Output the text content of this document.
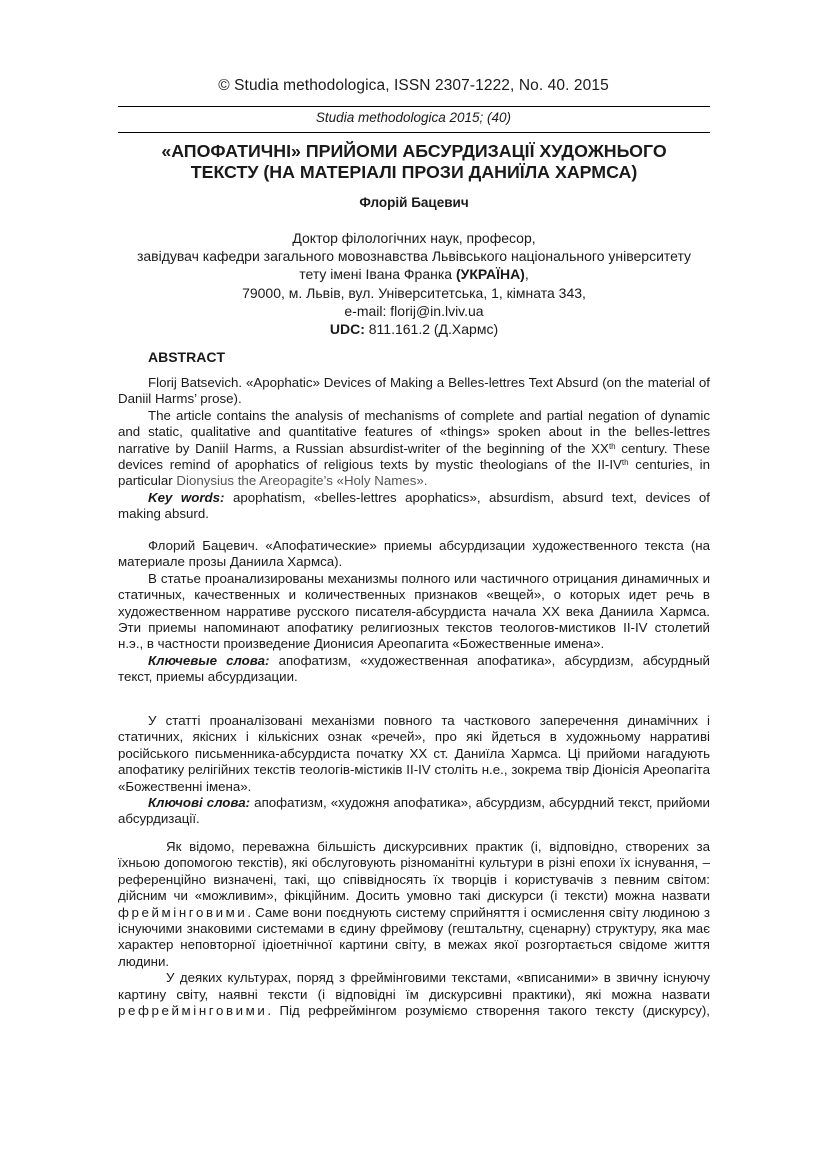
© Studia methodologica, ISSN 2307-1222, No. 40. 2015
Studia methodologica 2015; (40)
«АПОФАТИЧНІ» ПРИЙОМИ АБСУРДИЗАЦІЇ ХУДОЖНЬОГО
ТЕКСТУ (НА МАТЕРІАЛІ ПРОЗИ ДАНИЇЛА ХАРМСА)
Флорій Бацевич
Доктор філологічних наук, професор,
завідувач кафедри загального мовознавства Львівського національного університету
тету імені Івана Франка (УКРАЇНА),
79000, м. Львів, вул. Університетська, 1, кімната 343,
e-mail: florij@in.lviv.ua
UDC: 811.161.2 (Д.Хармс)
ABSTRACT

Florij Batsevich. «Apophatic» Devices of Making a Belles-lettres Text Absurd (on the material of Daniil Harms’ prose).

The article contains the analysis of mechanisms of complete and partial negation of dynamic and static, qualitative and quantitative features of «things» spoken about in the belles-lettres narrative by Daniil Harms, a Russian absurdist-writer of the beginning of the XXth century. These devices remind of apophatics of religious texts by mystic theologians of the II-IVth centuries, in particular Dionysius the Areopagite’s «Holy Names».

Key words: apophatism, «belles-lettres apophatics», absurdism, absurd text, devices of making absurd.

Флорий Бацевич. «Апофатические» приемы абсурдизации художественного текста (на материале прозы Даниила Хармса).

В статье проанализированы механизмы полного или частичного отрицания динамичных и статичных, качественных и количественных признаков «вещей», о которых идет речь в художественном нарративе русского писателя-абсурдиста начала ХХ века Даниила Хармса. Эти приемы напоминают апофатику религиозных текстов теологов-мистиков II-IV столетий н.э., в частности произведение Дионисия Ареопагита «Божественные имена».

Ключевые слова: апофатизм, «художественная апофатика», абсурдизм, абсурдный текст, приемы абсурдизации.

У статті проаналізовані механізми повного та часткового заперечення динамічних і статичних, якісних і кількісних ознак «речей», про які йдеться в художньому нарративі російського письменника-абсурдиста початку ХХ ст. Даниїла Хармса. Ці прийоми нагадують апофатику релігійних текстів теологів-містиків II-IV століть н.е., зокрема твір Діонісія Ареопагіта «Божественні імена».

Ключові слова: апофатизм, «художня апофатика», абсурдизм, абсурдний текст, прийоми абсурдизації.

Як відомо, переважна більшість дискурсивних практик (і, відповідно, створених за їхньою допомогою текстів), які обслуговують різноманітні культури в різні епохи їх існування, – референційно визначені, такі, що співвідносять їх творців і користувачів з певним світом: дійсним чи «можливим», фікційним. Досить умовно такі дискурси (і тексти) можна назвати фреймінговими. Саме вони поєднують систему сприйняття і осмислення світу людиною з існуючими знаковими системами в єдину фреймову (гештальтну, сценарну) структуру, яка має характер неповторної ідіоетнічної картини світу, в межах якої розгортається свідоме життя людини.

У деяких культурах, поряд з фреймінговими текстами, «вписаними» в звичну існуючу картину світу, наявні тексти (і відповідні їм дискурсивні практики), які можна назвати рефреймінговими. Під рефреймінгом розуміємо створення такого тексту (дискурсу),
